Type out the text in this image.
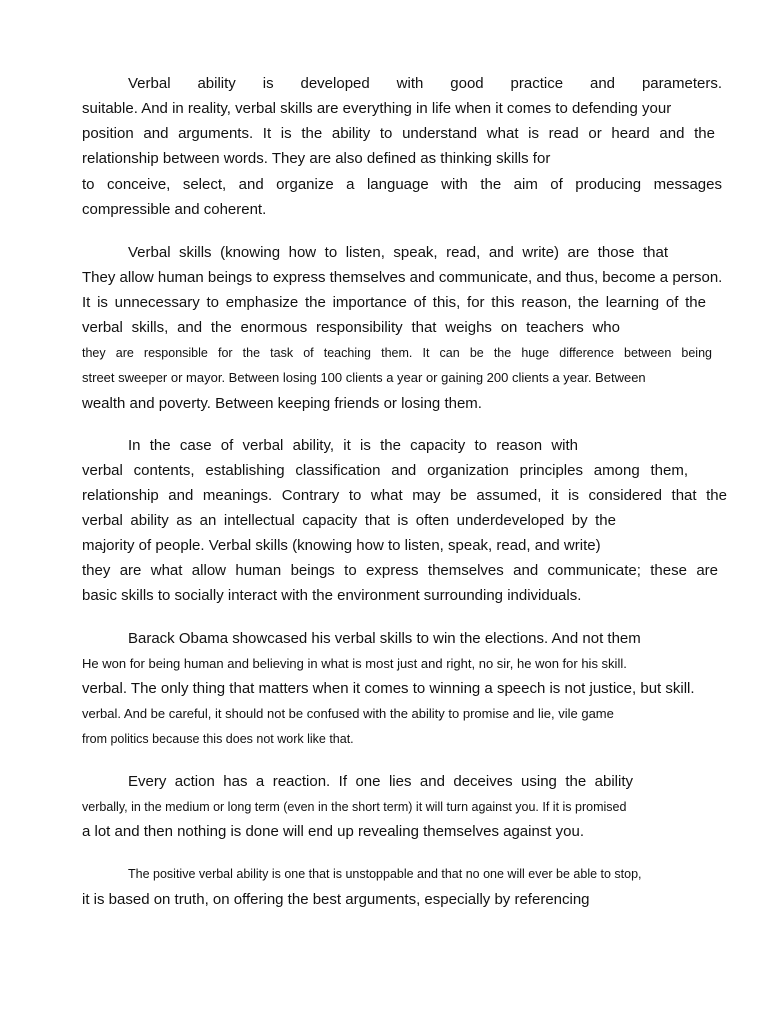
Verbal ability is developed with good practice and parameters.
suitable. And in reality, verbal skills are everything in life when it comes to defending your
position and arguments. It is the ability to understand what is read or heard and the
relationship between words. They are also defined as thinking skills for
to conceive, select, and organize a language with the aim of producing messages
compressible and coherent.
Verbal skills (knowing how to listen, speak, read, and write) are those that
They allow human beings to express themselves and communicate, and thus, become a person.
It is unnecessary to emphasize the importance of this, for this reason, the learning of the
verbal skills, and the enormous responsibility that weighs on teachers who
they are responsible for the task of teaching them. It can be the huge difference between being
street sweeper or mayor. Between losing 100 clients a year or gaining 200 clients a year. Between
wealth and poverty. Between keeping friends or losing them.
In the case of verbal ability, it is the capacity to reason with
verbal contents, establishing classification and organization principles among them,
relationship and meanings. Contrary to what may be assumed, it is considered that the
verbal ability as an intellectual capacity that is often underdeveloped by the
majority of people. Verbal skills (knowing how to listen, speak, read, and write)
they are what allow human beings to express themselves and communicate; these are
basic skills to socially interact with the environment surrounding individuals.
Barack Obama showcased his verbal skills to win the elections. And not them
He won for being human and believing in what is most just and right, no sir, he won for his skill.
verbal. The only thing that matters when it comes to winning a speech is not justice, but skill.
verbal. And be careful, it should not be confused with the ability to promise and lie, vile game
from politics because this does not work like that.
Every action has a reaction. If one lies and deceives using the ability
verbally, in the medium or long term (even in the short term) it will turn against you. If it is promised
a lot and then nothing is done will end up revealing themselves against you.
The positive verbal ability is one that is unstoppable and that no one will ever be able to stop,
it is based on truth, on offering the best arguments, especially by referencing
